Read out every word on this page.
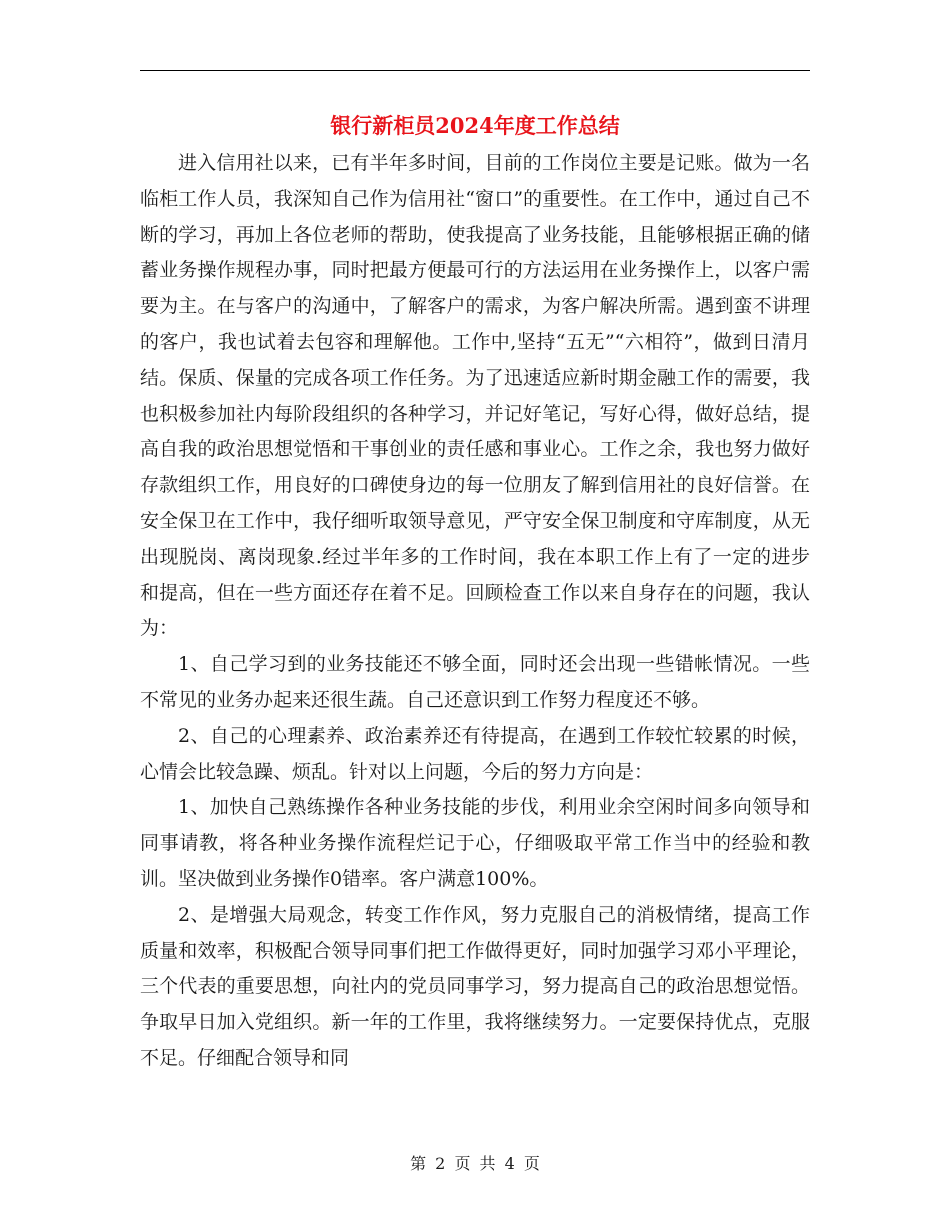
银行新柜员2024年度工作总结

进入信用社以来，已有半年多时间，目前的工作岗位主要是记账。做为一名临柜工作人员，我深知自己作为信用社“窗口”的重要性。在工作中，通过自己不断的学习，再加上各位老师的帮助，使我提高了业务技能，且能够根据正确的储蓄业务操作规程办事，同时把最方便最可行的方法运用在业务操作上，以客户需要为主。在与客户的沟通中，了解客户的需求，为客户解决所需。遇到蛮不讲理的客户，我也试着去包容和理解他。工作中,坚持“五无”“六相符”，做到日清月结。保质、保量的完成各项工作任务。为了迅速适应新时期金融工作的需要，我也积极参加社内每阶段组织的各种学习，并记好笔记，写好心得，做好总结，提高自我的政治思想觉悟和干事创业的责任感和事业心。工作之余，我也努力做好存款组织工作，用良好的口碑使身边的每一位朋友了解到信用社的良好信誉。在安全保卫在工作中，我仔细听取领导意见，严守安全保卫制度和守库制度，从无出现脱岗、离岗现象.经过半年多的工作时间，我在本职工作上有了一定的进步和提高，但在一些方面还存在着不足。回顾检查工作以来自身存在的问题，我认为：

1、自己学习到的业务技能还不够全面，同时还会出现一些错帐情况。一些不常见的业务办起来还很生蔬。自己还意识到工作努力程度还不够。

2、自己的心理素养、政治素养还有待提高，在遇到工作较忙较累的时候，心情会比较急躁、烦乱。针对以上问题，今后的努力方向是：

1、加快自己熟练操作各种业务技能的步伐，利用业余空闲时间多向领导和同事请教，将各种业务操作流程烂记于心，仔细吸取平常工作当中的经验和教训。坚决做到业务操作0错率。客户满意100%。

2、是增强大局观念，转变工作作风，努力克服自己的消极情绪，提高工作质量和效率，积极配合领导同事们把工作做得更好，同时加强学习邓小平理论，三个代表的重要思想，向社内的党员同事学习，努力提高自己的政治思想觉悟。争取早日加入党组织。新一年的工作里，我将继续努力。一定要保持优点，克服不足。仔细配合领导和同

第 2 页 共 4 页
